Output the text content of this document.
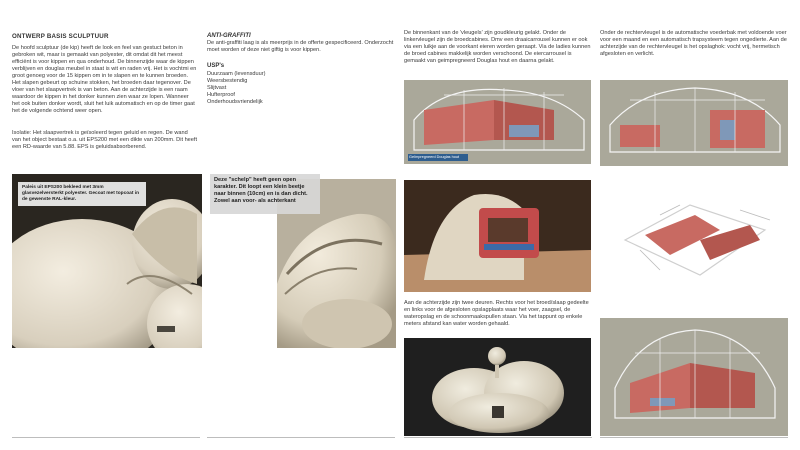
ONTWERP BASIS SCULPTUUR

De hoofd sculptuur (de kip) heeft de look en feel van gestuct beton in gebroken wit, maar is gemaakt van polyester, dit omdat dit het meest efficiënt is voor kippen en qua onderhoud. De binnenzijde waar de kippen verblijven en douglas meubel in staat is wit en raden vrij. Het is vochtmi en groot genoeg voor de 15 kippen om in te slapen en te kunnen broeden. Het slapen gebeurt op schuine stokken, het broeden daar tegenover. De vloer van het slaapvertrek is van beton. Aan de achterzijde is een raam waardoor de kippen in het donker kunnen zien waar ze lopen. Wanneer het ook buiten donker wordt, sluit het luik automatisch en op de timer gaat het de volgende ochtend weer open.

Isolatie: Het slaapvertrek is geïsoleerd tegen geluid en regen. De wand van het object bestaat o.a. uit EPS200 met een dikte van 200mm. Dit heeft een RD-waarde van 5.88. EPS is geluidsabsorberend.

Paleis uit EPS200 bekleed met 3mm glasvezelversterkt polyester. Gecoat met topcoat in de gewenste RAL-kleur.
ANTI-GRAFFITI

De anti-graffiti laag is als meerprijs in de offerte gespecificeerd. Onderzocht moet worden of deze niet giftig is voor kippen.

USP's
Duurzaam (levensduur)
Weersbestendig
Slijtvast
Hufterproof
Onderhoudsvriendelijk
Deze "schelp" heeft geen open karakter. Dit loopt een klein beetje naar binnen (10cm) en is dan dicht. Zowel aan voor- als achterkant

De binnenkant van de 'vleugels' zijn goudkleurig gelakt. Onder de linkervleugel zijn de broedcabines. Dmv een draaicarrousel kunnen er ook via een luikje aan de voorkant eieren worden geraapt. Via de ladies kunnen de broed cabines makkelijk worden verschoond. De eiercarrousel is gemaakt van geimpregneerd Douglas hout en daarna gelakt.

Geïmpregneerd Douglas hout

Aan de achterzijde zijn twee deuren. Rechts voor het broed/slaap gedeelte en links voor de afgesloten opslagplaats waar het voer, zaagsel, de wateropslag en de schoonmaakspullen staan. Via het tappunt op enkele meters afstand kan water worden gehaald.

Onder de rechtervleugel is de automatische voederbak met voldoende voer voor een maand en een automatisch trapsysteem tegen ongedierte. Aan de achterzijde van de rechtervleugel is het opslaghok: vocht vrij, hermetisch afgesloten en verlicht.
